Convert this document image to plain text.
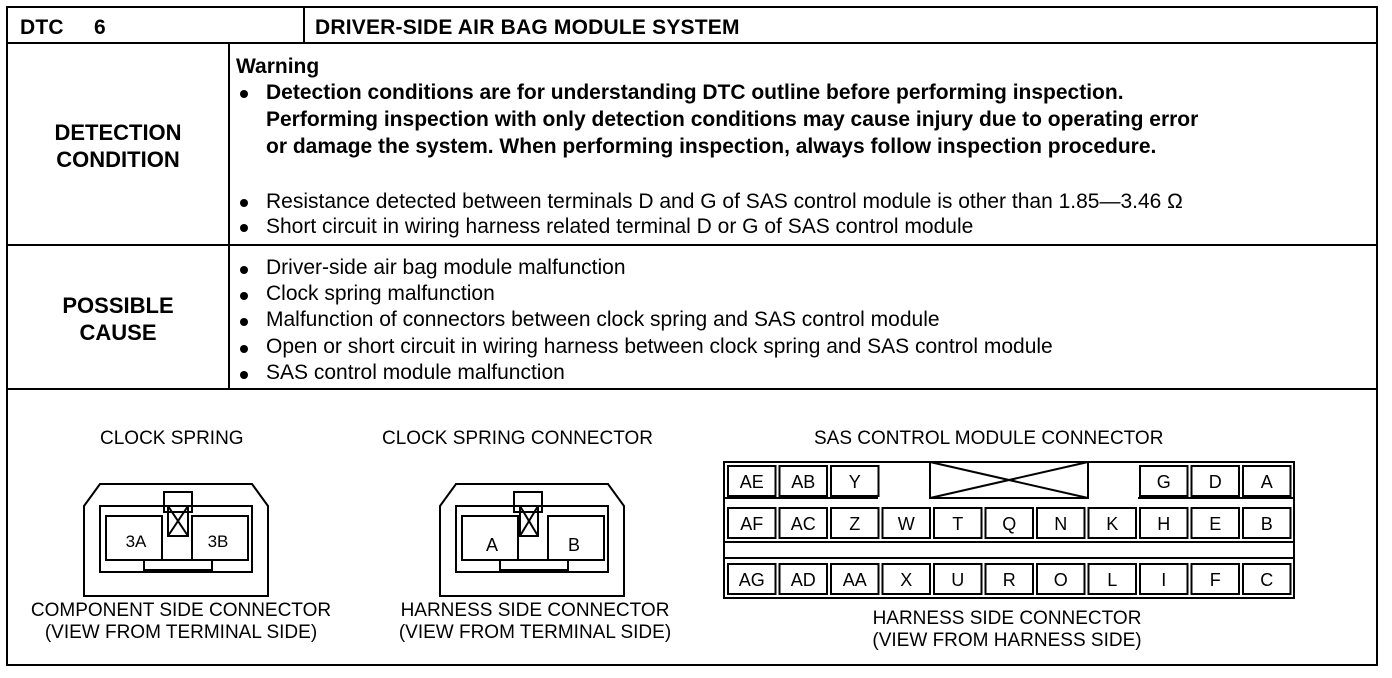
DTC 6	DRIVER-SIDE AIR BAG MODULE SYSTEM
DETECTION
CONDITION
Warning
Detection conditions are for understanding DTC outline before performing inspection.
Performing inspection with only detection conditions may cause injury due to operating error
or damage the system. When performing inspection, always follow inspection procedure.
Resistance detected between terminals D and G of SAS control module is other than 1.85—3.46 Ω
Short circuit in wiring harness related terminal D or G of SAS control module
POSSIBLE
CAUSE
Driver-side air bag module malfunction
Clock spring malfunction
Malfunction of connectors between clock spring and SAS control module
Open or short circuit in wiring harness between clock spring and SAS control module
SAS control module malfunction
CLOCK SPRING	CLOCK SPRING CONNECTOR	SAS CONTROL MODULE CONNECTOR
3A	3B	A	B
AE AB Y	G D A
AF AC Z W T Q N K H E B
AG AD AA X U R O L I F C
COMPONENT SIDE CONNECTOR
(VIEW FROM TERMINAL SIDE)
HARNESS SIDE CONNECTOR
(VIEW FROM TERMINAL SIDE)
HARNESS SIDE CONNECTOR
(VIEW FROM HARNESS SIDE)
